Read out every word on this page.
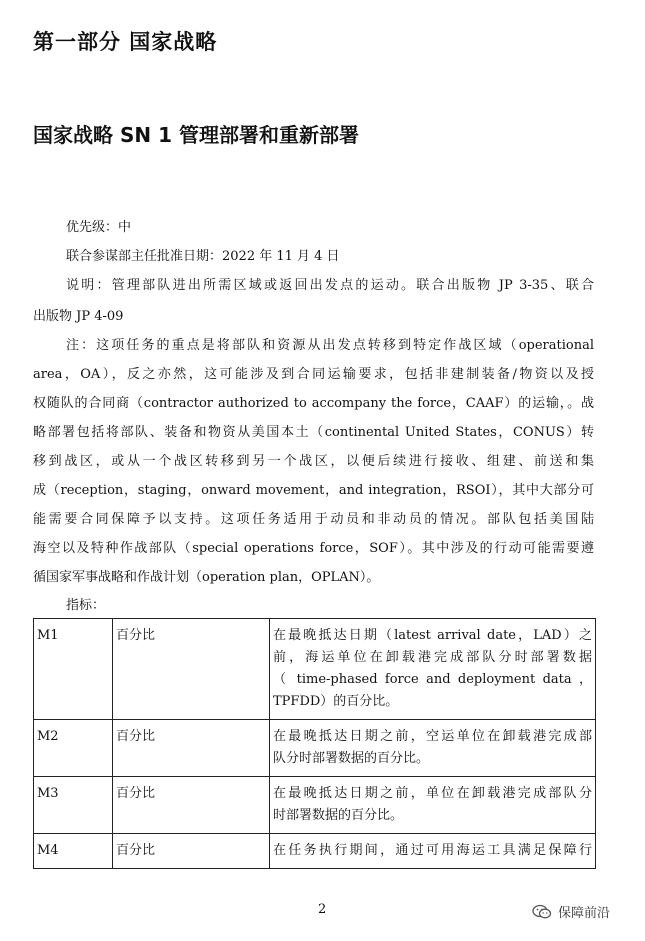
第一部分 国家战略
国家战略 SN 1 管理部署和重新部署
优先级：中
联合参谋部主任批准日期：2022 年 11 月 4 日
说明：管理部队进出所需区域或返回出发点的运动。联合出版物 JP 3-35、联合
出版物 JP 4-09
注：这项任务的重点是将部队和资源从出发点转移到特定作战区域（operational
area，OA），反之亦然，这可能涉及到合同运输要求，包括非建制装备/物资以及授
权随队的合同商（contractor authorized to accompany the force，CAAF）的运输，。战
略部署包括将部队、装备和物资从美国本土（continental United States，CONUS）转
移到战区，或从一个战区转移到另一个战区，以便后续进行接收、组建、前送和集
成（reception，staging，onward movement，and integration，RSOI），其中大部分可
能需要合同保障予以支持。这项任务适用于动员和非动员的情况。部队包括美国陆
海空以及特种作战部队（special operations force，SOF）。其中涉及的行动可能需要遵
循国家军事战略和作战计划（operation plan，OPLAN）。
指标：
M1	百分比	在最晚抵达日期（latest arrival date，LAD）之
前，海运单位在卸载港完成部队分时部署数据
（ time-phased force and deployment data ，
TPFDD）的百分比。

M2	百分比	在最晚抵达日期之前，空运单位在卸载港完成部
队分时部署数据的百分比。

M3	百分比	在最晚抵达日期之前，单位在卸载港完成部队分
时部署数据的百分比。

M4	百分比	在任务执行期间，通过可用海运工具满足保障行
2	保障前沿
